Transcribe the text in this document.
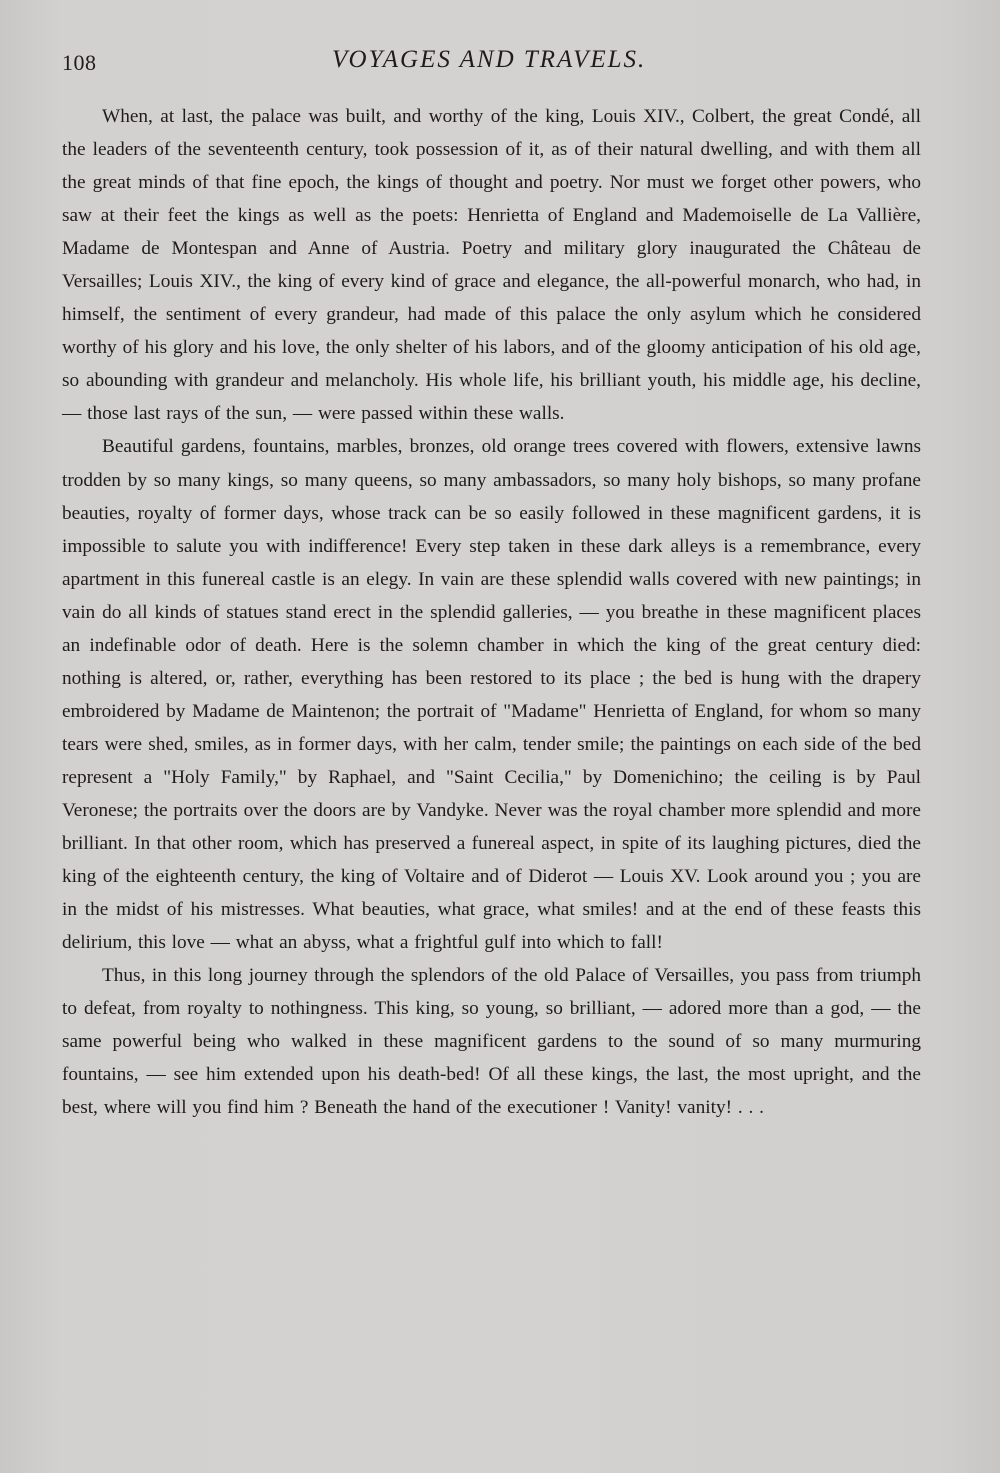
108	VOYAGES AND TRAVELS.

When, at last, the palace was built, and worthy of the king, Louis XIV., Colbert, the great Condé, all the leaders of the seventeenth century, took possession of it, as of their natural dwelling, and with them all the great minds of that fine epoch, the kings of thought and poetry. Nor must we forget other powers, who saw at their feet the kings as well as the poets: Henrietta of England and Mademoiselle de La Vallière, Madame de Montespan and Anne of Austria. Poetry and military glory inaugurated the Château de Versailles; Louis XIV., the king of every kind of grace and elegance, the all-powerful monarch, who had, in himself, the sentiment of every grandeur, had made of this palace the only asylum which he considered worthy of his glory and his love, the only shelter of his labors, and of the gloomy anticipation of his old age, so abounding with grandeur and melancholy. His whole life, his brilliant youth, his middle age, his decline, — those last rays of the sun, — were passed within these walls.

Beautiful gardens, fountains, marbles, bronzes, old orange trees covered with flowers, extensive lawns trodden by so many kings, so many queens, so many ambassadors, so many holy bishops, so many profane beauties, royalty of former days, whose track can be so easily followed in these magnificent gardens, it is impossible to salute you with indifference! Every step taken in these dark alleys is a remembrance, every apartment in this funereal castle is an elegy. In vain are these splendid walls covered with new paintings; in vain do all kinds of statues stand erect in the splendid galleries, — you breathe in these magnificent places an indefinable odor of death. Here is the solemn chamber in which the king of the great century died: nothing is altered, or, rather, everything has been restored to its place ; the bed is hung with the drapery embroidered by Madame de Maintenon; the portrait of "Madame" Henrietta of England, for whom so many tears were shed, smiles, as in former days, with her calm, tender smile; the paintings on each side of the bed represent a "Holy Family," by Raphael, and "Saint Cecilia," by Domenichino; the ceiling is by Paul Veronese; the portraits over the doors are by Vandyke. Never was the royal chamber more splendid and more brilliant. In that other room, which has preserved a funereal aspect, in spite of its laughing pictures, died the king of the eighteenth century, the king of Voltaire and of Diderot — Louis XV. Look around you ; you are in the midst of his mistresses. What beauties, what grace, what smiles! and at the end of these feasts this delirium, this love — what an abyss, what a frightful gulf into which to fall!

Thus, in this long journey through the splendors of the old Palace of Versailles, you pass from triumph to defeat, from royalty to nothingness. This king, so young, so brilliant, — adored more than a god, — the same powerful being who walked in these magnificent gardens to the sound of so many murmuring fountains, — see him extended upon his death-bed! Of all these kings, the last, the most upright, and the best, where will you find him ? Beneath the hand of the executioner ! Vanity! vanity! . . .
